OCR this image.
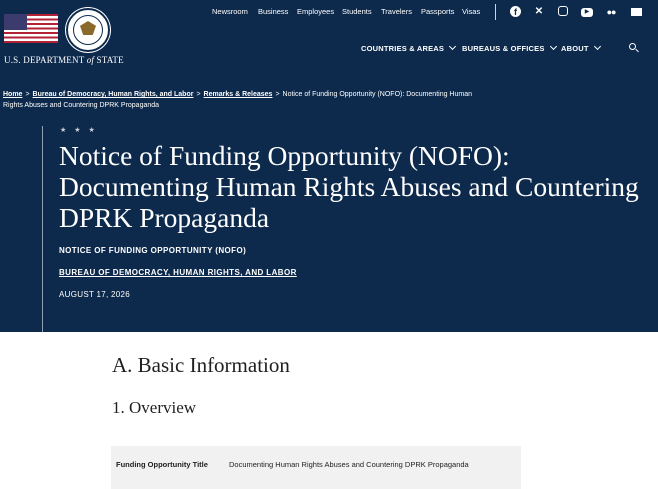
U.S. DEPARTMENT of STATE
Newsroom Business Employees Students Travelers Passports Visas	f	✕	▶	●●
COUNTRIES & AREAS	BUREAUS & OFFICES	ABOUT
Home > Bureau of Democracy, Human Rights, and Labor > Remarks & Releases > Notice of Funding Opportunity (NOFO): Documenting Human Rights Abuses and Countering DPRK Propaganda
★ ★ ★
Notice of Funding Opportunity (NOFO): Documenting Human Rights Abuses and Countering DPRK Propaganda
NOTICE OF FUNDING OPPORTUNITY (NOFO)
BUREAU OF DEMOCRACY, HUMAN RIGHTS, AND LABOR
AUGUST 17, 2026
A. Basic Information
1. Overview
Funding Opportunity Title	Documenting Human Rights Abuses and Countering DPRK Propaganda
